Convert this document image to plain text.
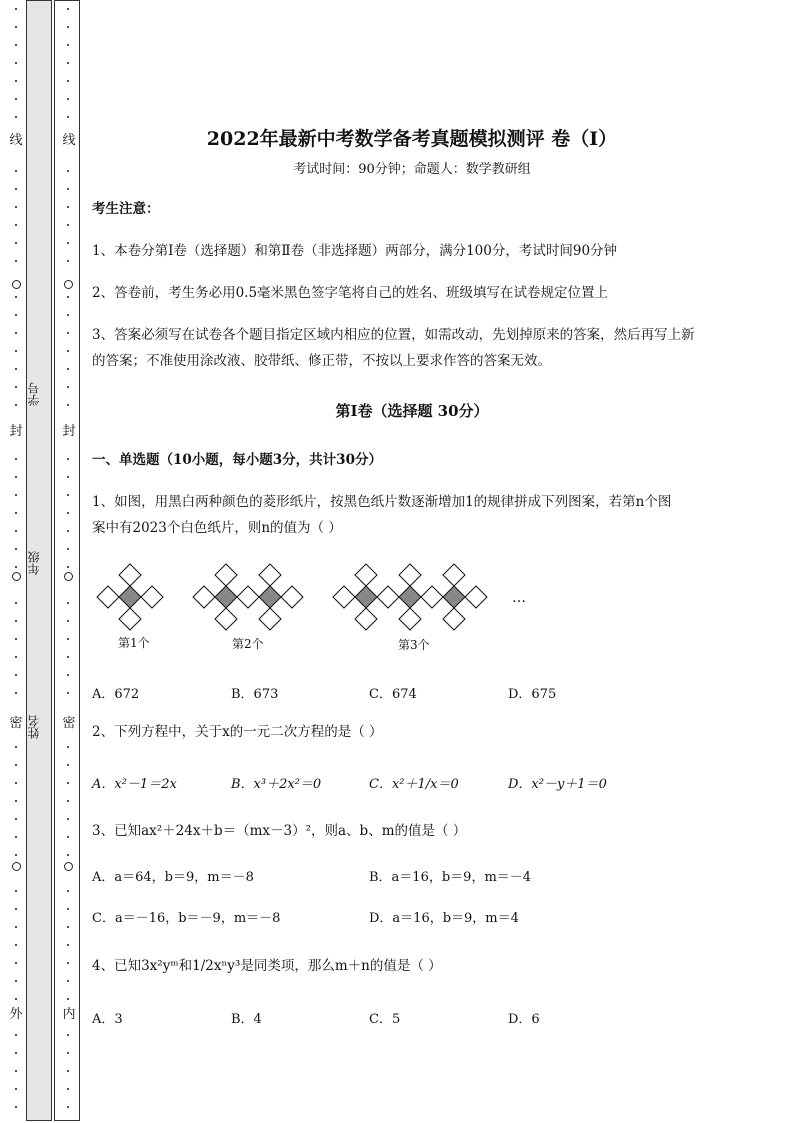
线
封
密
外
线
封
密
内
学号
年级
姓名
2022年最新中考数学备考真题模拟测评 卷（Ⅰ）
考试时间：90分钟；命题人：数学教研组
考生注意：
1、本卷分第I卷（选择题）和第Ⅱ卷（非选择题）两部分，满分100分，考试时间90分钟
2、答卷前，考生务必用0.5毫米黑色签字笔将自己的姓名、班级填写在试卷规定位置上
3、答案必须写在试卷各个题目指定区域内相应的位置，如需改动，先划掉原来的答案，然后再写上新
的答案；不准使用涂改液、胶带纸、修正带，不按以上要求作答的答案无效。
第Ⅰ卷（选择题 30分）
一、单选题（10小题，每小题3分，共计30分）
1、如图，用黑白两种颜色的菱形纸片，按黑色纸片数逐渐增加1的规律拼成下列图案，若第n个图
案中有2023个白色纸片，则n的值为（ ）
…
第1个	第2个	第3个
A．672	B．673	C．674	D．675
2、下列方程中，关于x的一元二次方程的是（ ）
A．x²－1＝2x	B．x³＋2x²＝0	C．x²＋1/x＝0	D．x²－y＋1＝0
3、已知ax²＋24x＋b＝（mx－3）²，则a、b、m的值是（ ）
A．a＝64，b＝9，m＝－8	B．a＝16，b＝9，m＝－4
C．a＝－16，b＝－9，m＝－8	D．a＝16，b＝9，m＝4
4、已知3x²yᵐ和1/2xⁿy³是同类项，那么m＋n的值是（ ）
A．3	B．4	C．5	D．6
